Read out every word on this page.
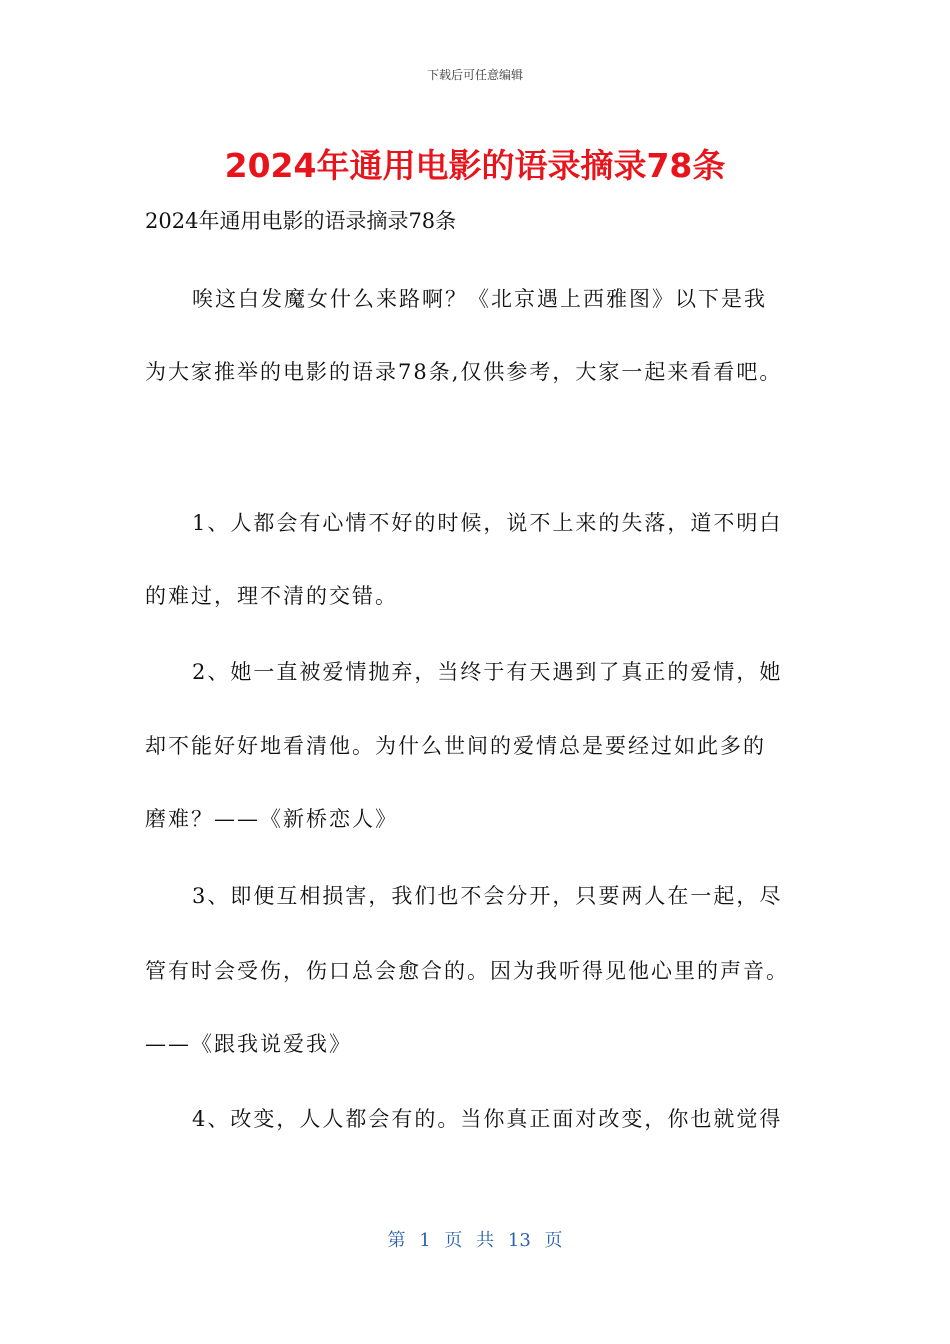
下载后可任意编辑
2024年通用电影的语录摘录78条
2024年通用电影的语录摘录78条
唉这白发魔女什么来路啊？《北京遇上西雅图》以下是我
为大家推举的电影的语录78条,仅供参考，大家一起来看看吧。
1、人都会有心情不好的时候，说不上来的失落，道不明白
的难过，理不清的交错。
2、她一直被爱情抛弃，当终于有天遇到了真正的爱情，她
却不能好好地看清他。为什么世间的爱情总是要经过如此多的
磨难？——《新桥恋人》
3、即便互相损害，我们也不会分开，只要两人在一起，尽
管有时会受伤，伤口总会愈合的。因为我听得见他心里的声音。
——《跟我说爱我》
4、改变，人人都会有的。当你真正面对改变，你也就觉得
第 1 页 共 13 页
